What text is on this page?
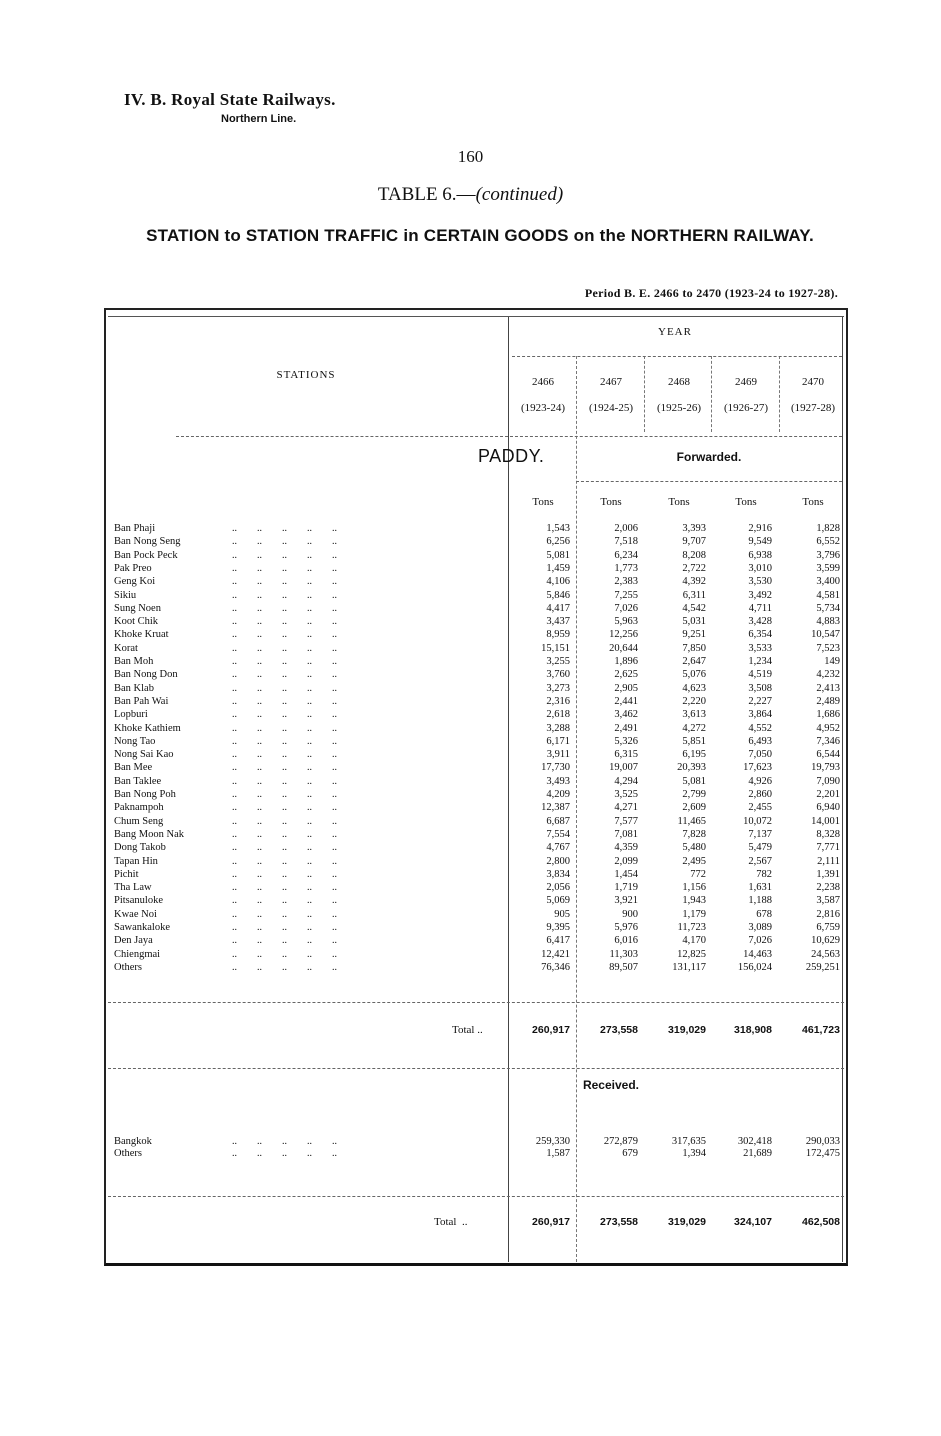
IV. B. Royal State Railways.
Northern Line.
160
TABLE 6.—(continued)
STATION to STATION TRAFFIC in CERTAIN GOODS on the NORTHERN RAILWAY.
Period B. E. 2466 to 2470 (1923-24 to 1927-28).
YEAR
STATIONS
2466	2467	2468	2469	2470
(1923-24)	(1924-25)	(1925-26)	(1926-27)	(1927-28)
PADDY.	Forwarded.
Tons	Tons	Tons	Tons	Tons
Ban Phaji	..        ..        ..        ..        ..	1,543	2,006	3,393	2,916	1,828
Ban Nong Seng	..        ..        ..        ..        ..	6,256	7,518	9,707	9,549	6,552
Ban Pock Peck	..        ..        ..        ..        ..	5,081	6,234	8,208	6,938	3,796
Pak Preo	..        ..        ..        ..        ..	1,459	1,773	2,722	3,010	3,599
Geng Koi	..        ..        ..        ..        ..	4,106	2,383	4,392	3,530	3,400
Sikiu	..        ..        ..        ..        ..	5,846	7,255	6,311	3,492	4,581
Sung Noen	..        ..        ..        ..        ..	4,417	7,026	4,542	4,711	5,734
Koot Chik	..        ..        ..        ..        ..	3,437	5,963	5,031	3,428	4,883
Khoke Kruat	..        ..        ..        ..        ..	8,959	12,256	9,251	6,354	10,547
Korat	..        ..        ..        ..        ..	15,151	20,644	7,850	3,533	7,523
Ban Moh	..        ..        ..        ..        ..	3,255	1,896	2,647	1,234	149
Ban Nong Don	..        ..        ..        ..        ..	3,760	2,625	5,076	4,519	4,232
Ban Klab	..        ..        ..        ..        ..	3,273	2,905	4,623	3,508	2,413
Ban Pah Wai	..        ..        ..        ..        ..	2,316	2,441	2,220	2,227	2,489
Lopburi	..        ..        ..        ..        ..	2,618	3,462	3,613	3,864	1,686
Khoke Kathiem	..        ..        ..        ..        ..	3,288	2,491	4,272	4,552	4,952
Nong Tao	..        ..        ..        ..        ..	6,171	5,326	5,851	6,493	7,346
Nong Sai Kao	..        ..        ..        ..        ..	3,911	6,315	6,195	7,050	6,544
Ban Mee	..        ..        ..        ..        ..	17,730	19,007	20,393	17,623	19,793
Ban Taklee	..        ..        ..        ..        ..	3,493	4,294	5,081	4,926	7,090
Ban Nong Poh	..        ..        ..        ..        ..	4,209	3,525	2,799	2,860	2,201
Paknampoh	..        ..        ..        ..        ..	12,387	4,271	2,609	2,455	6,940
Chum Seng	..        ..        ..        ..        ..	6,687	7,577	11,465	10,072	14,001
Bang Moon Nak	..        ..        ..        ..        ..	7,554	7,081	7,828	7,137	8,328
Dong Takob	..        ..        ..        ..        ..	4,767	4,359	5,480	5,479	7,771
Tapan Hin	..        ..        ..        ..        ..	2,800	2,099	2,495	2,567	2,111
Pichit	..        ..        ..        ..        ..	3,834	1,454	772	782	1,391
Tha Law	..        ..        ..        ..        ..	2,056	1,719	1,156	1,631	2,238
Pitsanuloke	..        ..        ..        ..        ..	5,069	3,921	1,943	1,188	3,587
Kwae Noi	..        ..        ..        ..        ..	905	900	1,179	678	2,816
Sawankaloke	..        ..        ..        ..        ..	9,395	5,976	11,723	3,089	6,759
Den Jaya	..        ..        ..        ..        ..	6,417	6,016	4,170	7,026	10,629
Chiengmai	..        ..        ..        ..        ..	12,421	11,303	12,825	14,463	24,563
Others	..        ..        ..        ..        ..	76,346	89,507	131,117	156,024	259,251
Total ..	260,917	273,558	319,029	318,908	461,723
Received.
Bangkok	..        ..        ..        ..        ..	259,330	272,879	317,635	302,418	290,033
Others	..        ..        ..        ..        ..	1,587	679	1,394	21,689	172,475
Total  ..	260,917	273,558	319,029	324,107	462,508
